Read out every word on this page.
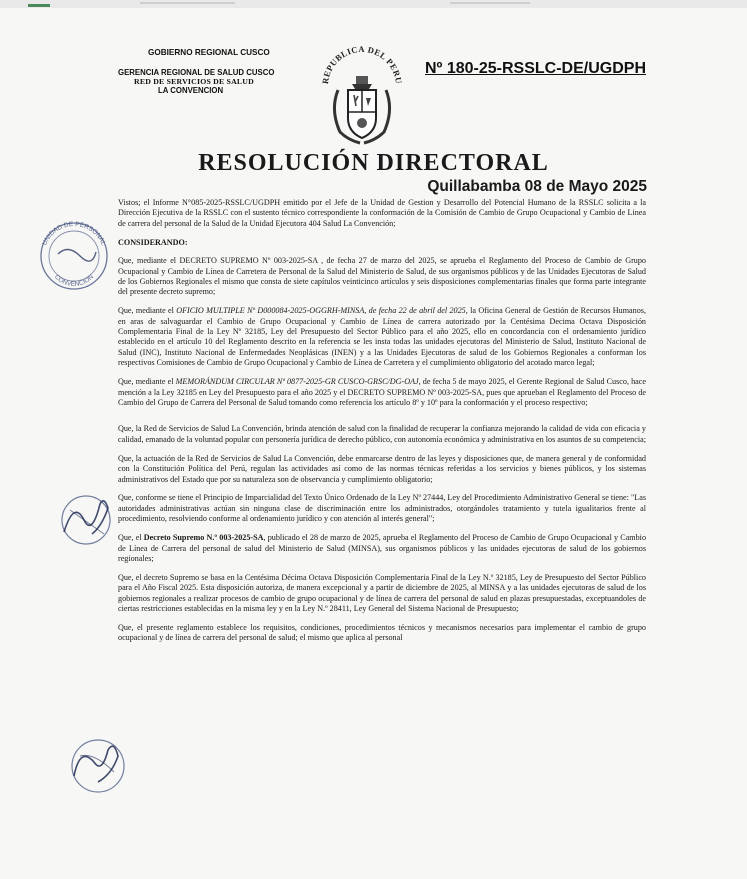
GOBIERNO REGIONAL CUSCO
GERENCIA REGIONAL DE SALUD CUSCO
RED DE SERVICIOS DE SALUD
LA CONVENCION
REPUBLICA DEL PERU
Nº 180-25-RSSLC-DE/UGDPH
RESOLUCIÓN DIRECTORAL
Quillabamba 08 de Mayo 2025
UNIDAD DE PERSONAL
CONVENCION

Vistos; el Informe N°085-2025-RSSLC/UGDPH emitido por el Jefe de la Unidad de Gestion y Desarrollo del Potencial Humano de la RSSLC solicita a la Dirección Ejecutiva de la RSSLC con el sustento técnico correspondiente la conformación de la Comisión de Cambio de Grupo Ocupacional y Cambio de Linea de carrera del personal de la Salud de la Unidad Ejecutora 404 Salud La Convención;

CONSIDERANDO:

Que, mediante el DECRETO SUPREMO Nº 003-2025-SA , de fecha 27 de marzo del 2025, se aprueba el Reglamento del Proceso de Cambio de Grupo Ocupacional y Cambio de Línea de Carretera de Personal de la Salud del Ministerio de Salud, de sus organismos públicos y de las Unidades Ejecutoras de Salud de los Gobiernos Regionales el mismo que consta de siete capítulos veinticinco artículos y seis disposiciones complementarias finales que forma parte integrante del presente decreto supremo;

Que, mediante el OFICIO MULTIPLE Nº D000084-2025-OGGRH-MINSA, de fecha 22 de abril del 2025, la Oficina General de Gestión de Recursos Humanos, en aras de salvaguardar el Cambio de Grupo Ocupacional y Cambio de Línea de carrera autorizado por la Centésima Decima Octava Disposición Complementaria Final de la Ley Nº 32185, Ley del Presupuesto del Sector Público para el año 2025, ello en concordancia con el ordenamiento jurídico establecido en el artículo 10 del Reglamento descrito en la referencia se les insta todas las unidades ejecutoras del Ministerio de Salud, Instituto Nacional de Salud (INC), Instituto Nacional de Enfermedades Neoplásicas (INEN) y a las Unidades Ejecutoras de salud de los Gobiernos Regionales a conforman los respectivos Comisiones de Cambio de Grupo Ocupacional y Cambio de Línea de Carretera y el cumplimiento obligatorio del acotado marco legal;

Que, mediante el MEMORÁNDUM CIRCULAR Nº 0877-2025-GR CUSCO-GRSC/DG-OAJ, de fecha 5 de mayo 2025, el Gerente Regional de Salud Cusco, hace mención a la Ley 32185 en Ley del Presupuesto para el año 2025 y el DECRETO SUPREMO Nº 003-2025-SA, pues que aprueban el Reglamento del Proceso de Cambio del Grupo de Carrera del Personal de Salud tomando como referencia los artículo 8º y 10º para la conformación y el proceso respectivo;

Que, la Red de Servicios de Salud La Convención, brinda atención de salud con la finalidad de recuperar la confianza mejorando la calidad de vida con eficacia y calidad, emanado de la voluntad popular con personería jurídica de derecho público, con autonomía económica y administrativa en los asuntos de su competencia;

Que, la actuación de la Red de Servicios de Salud La Convención, debe enmarcarse dentro de las leyes y disposiciones que, de manera general y de conformidad con la Constitución Política del Perú, regulan las actividades así como de las normas técnicas referidas a los servicios y bienes públicos, y los sistemas administrativos del Estado que por su naturaleza son de observancia y cumplimiento obligatorio;

Que, conforme se tiene el Principio de Imparcialidad del Texto Único Ordenado de la Ley Nº 27444, Ley del Procedimiento Administrativo General se tiene: "Las autoridades administrativas actúan sin ninguna clase de discriminación entre los administrados, otorgándoles tratamiento y tutela igualitarios frente al procedimiento, resolviendo conforme al ordenamiento jurídico y con atención al interés general";

Que, el Decreto Supremo N.º 003-2025-SA, publicado el 28 de marzo de 2025, aprueba el Reglamento del Proceso de Cambio de Grupo Ocupacional y Cambio de Línea de Carrera del personal de salud del Ministerio de Salud (MINSA), sus organismos públicos y las unidades ejecutoras de salud de los gobiernos regionales;

Que, el decreto Supremo se basa en la Centésima Décima Octava Disposición Complementaria Final de la Ley N.º 32185, Ley de Presupuesto del Sector Público para el Año Fiscal 2025. Esta disposición autoriza, de manera excepcional y a partir de diciembre de 2025, al MINSA y a las unidades ejecutoras de salud de los gobiernos regionales a realizar procesos de cambio de grupo ocupacional y de línea de carrera del personal de salud en plazas presupuestadas, exceptuandoles de ciertas restricciones establecidas en la misma ley y en la Ley N.º 28411, Ley General del Sistema Nacional de Presupuesto;

Que, el presente reglamento establece los requisitos, condiciones, procedimientos técnicos y mecanismos necesarios para implementar el cambio de grupo ocupacional y de línea de carrera del personal de salud; el mismo que aplica al personal
